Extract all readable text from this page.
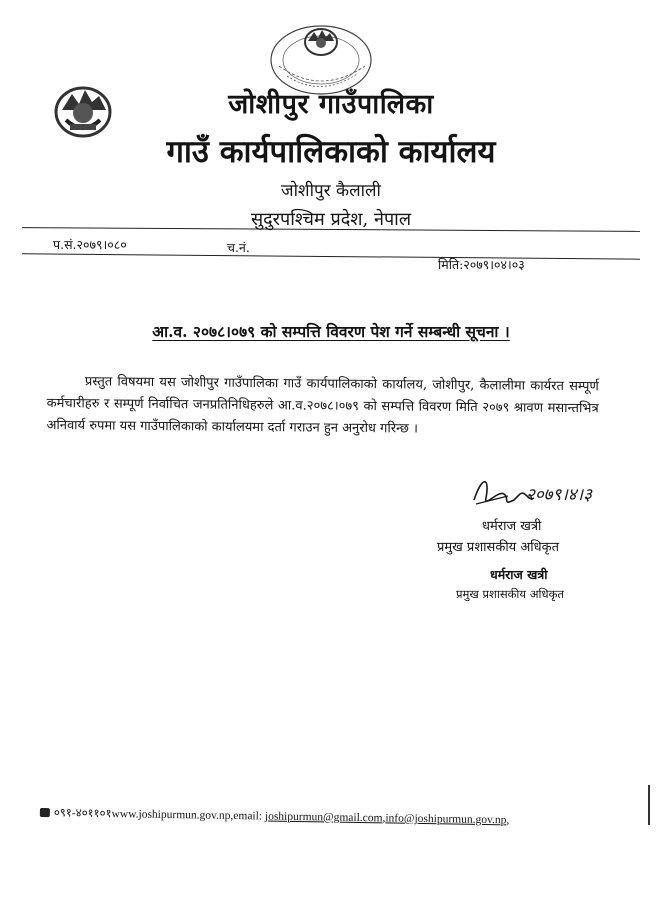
जोशीपुर गाउँपालिका
गाउँ कार्यपालिकाको कार्यालय
जोशीपुर कैलाली
सुदुरपश्चिम प्रदेश, नेपाल
प.सं.२०७९।०८०	च.नं.
मिति:२०७९।०४।०३
आ.व. २०७८।०७९ को सम्पत्ति विवरण पेश गर्ने सम्बन्धी सूचना ।
प्रस्तुत विषयमा यस जोशीपुर गाउँपालिका गाउँ कार्यपालिकाको कार्यालय, जोशीपुर, कैलालीमा कार्यरत सम्पूर्ण कर्मचारीहरु र सम्पूर्ण निर्वाचित जनप्रतिनिधिहरुले आ.व.२०७८।०७९ को सम्पत्ति विवरण मिति २०७९ श्रावण मसान्तभित्र अनिवार्य रुपमा यस गाउँपालिकाको कार्यालयमा दर्ता गराउन हुन अनुरोध गरिन्छ ।
२०७९।४।३
धर्मराज खत्री
प्रमुख प्रशासकीय अधिकृत
धर्मराज खत्री
प्रमुख प्रशासकीय अधिकृत
०९१-४०११०१www.joshipurmun.gov.np,email: joshipurmun@gmail.com,info@joshipurmun.gov.np,
